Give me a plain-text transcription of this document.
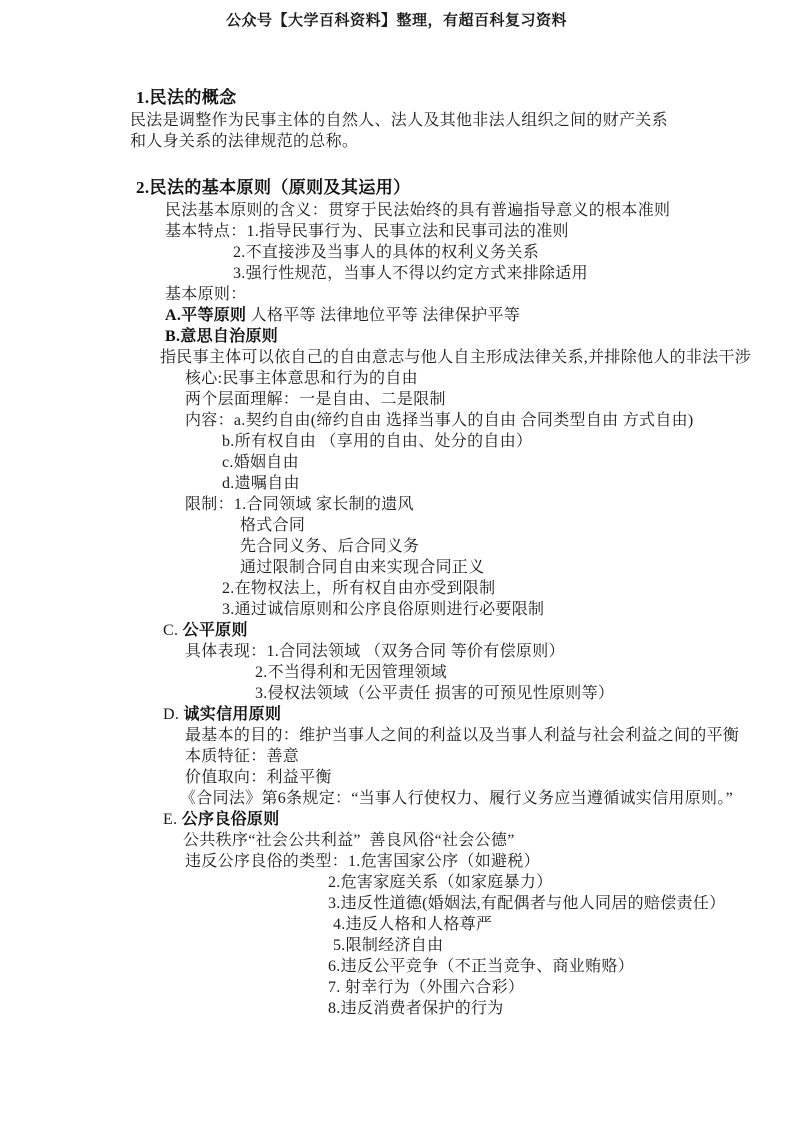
公众号【大学百科资料】整理，有超百科复习资料
1.民法的概念
民法是调整作为民事主体的自然人、法人及其他非法人组织之间的财产关系
和人身关系的法律规范的总称。
2.民法的基本原则（原则及其运用）
民法基本原则的含义：贯穿于民法始终的具有普遍指导意义的根本准则
基本特点：1.指导民事行为、民事立法和民事司法的准则
2.不直接涉及当事人的具体的权利义务关系
3.强行性规范，当事人不得以约定方式来排除适用
基本原则：
A.平等原则 人格平等 法律地位平等 法律保护平等
B.意思自治原则
指民事主体可以依自己的自由意志与他人自主形成法律关系,并排除他人的非法干涉
核心:民事主体意思和行为的自由
两个层面理解：一是自由、二是限制
内容：a.契约自由(缔约自由 选择当事人的自由 合同类型自由 方式自由)
b.所有权自由 （享用的自由、处分的自由）
c.婚姻自由
d.遗嘱自由
限制：1.合同领域 家长制的遗风
格式合同
先合同义务、后合同义务
通过限制合同自由来实现合同正义
2.在物权法上，所有权自由亦受到限制
3.通过诚信原则和公序良俗原则进行必要限制
C. 公平原则
具体表现：1.合同法领域 （双务合同 等价有偿原则）
2.不当得利和无因管理领域
3.侵权法领域（公平责任 损害的可预见性原则等）
D. 诚实信用原则
最基本的目的：维护当事人之间的利益以及当事人利益与社会利益之间的平衡
本质特征：善意
价值取向：利益平衡
《合同法》第6条规定：“当事人行使权力、履行义务应当遵循诚实信用原则。”
E. 公序良俗原则
公共秩序“社会公共利益”  善良风俗“社会公德”
违反公序良俗的类型：1.危害国家公序（如避税）
2.危害家庭关系（如家庭暴力）
3.违反性道德(婚姻法,有配偶者与他人同居的赔偿责任）
4.违反人格和人格尊严
5.限制经济自由
6.违反公平竞争（不正当竞争、商业贿赂）
7. 射幸行为（外围六合彩）
8.违反消费者保护的行为
